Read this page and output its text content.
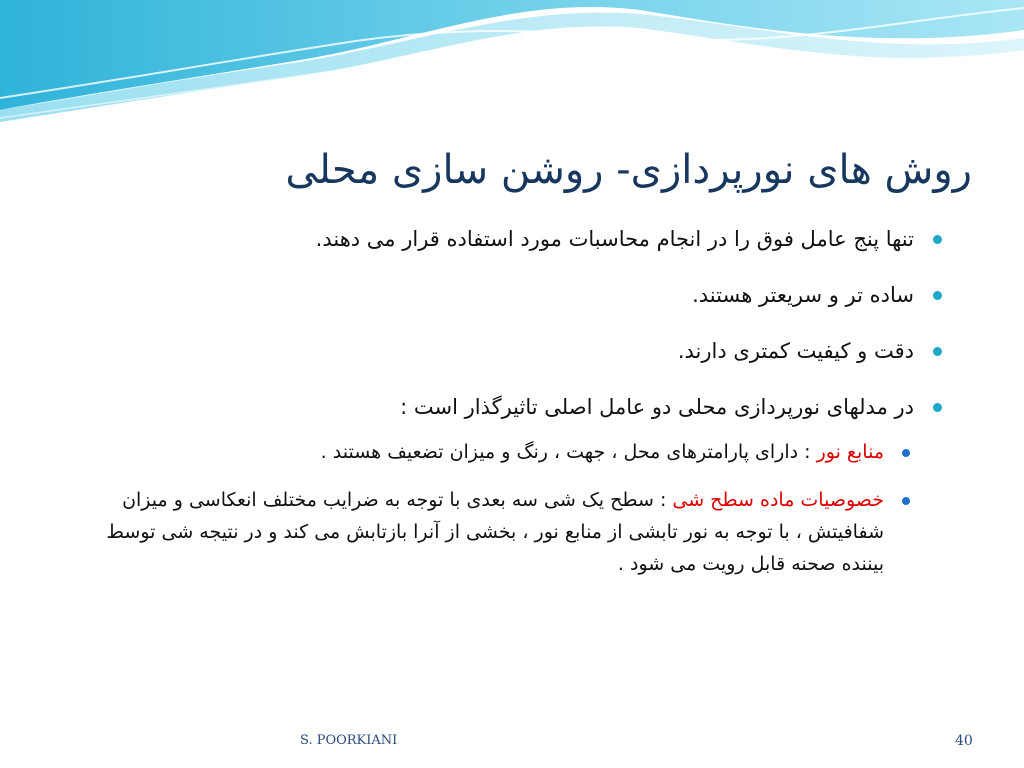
روش های نورپردازی- روشن سازی محلی
تنها پنج عامل فوق را در انجام محاسبات مورد استفاده قرار می دهند.
ساده تر و سریعتر هستند.
دقت و کیفیت کمتری دارند.
در مدلهای نورپردازی محلی دو عامل اصلی تاثیرگذار است :
منابع نور : دارای پارامترهای محل ، جهت ، رنگ و میزان تضعیف هستند .
خصوصیات ماده سطح شی : سطح یک شی سه بعدی با توجه به ضرایب مختلف انعکاسی و میزان شفافیتش ، با توجه به نور تابشی از منابع نور ، بخشی از آنرا بازتابش می کند و در نتیجه شی توسط بیننده صحنه قابل رویت می شود .
S. POORKIANI	40
